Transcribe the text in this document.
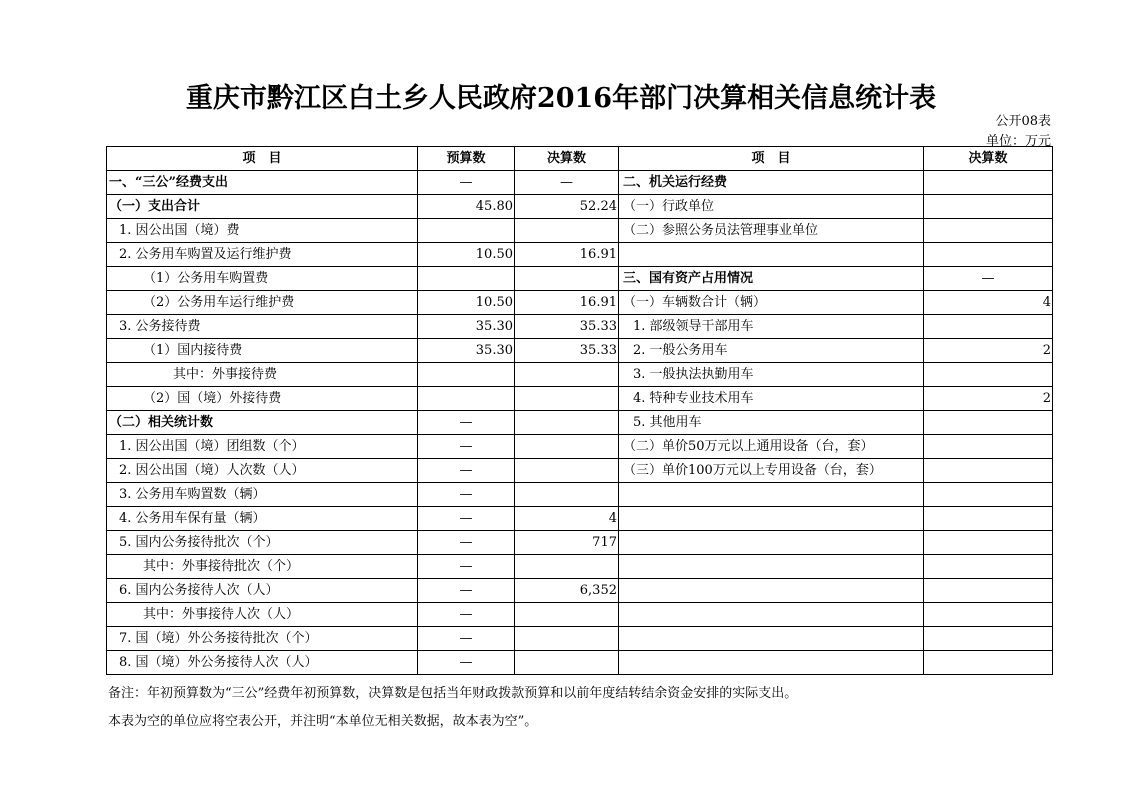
重庆市黔江区白土乡人民政府2016年部门决算相关信息统计表
公开08表
单位：万元
项　目	预算数	决算数	项　目	决算数
一、“三公”经费支出	—	—	二、机关运行经费	
（一）支出合计	45.80	52.24	（一）行政单位	
1. 因公出国（境）费			（二）参照公务员法管理事业单位	
2. 公务用车购置及运行维护费	10.50	16.91		
（1）公务用车购置费			三、国有资产占用情况	—
（2）公务用车运行维护费	10.50	16.91	（一）车辆数合计（辆）	4
3. 公务接待费	35.30	35.33	1. 部级领导干部用车	
（1）国内接待费	35.30	35.33	2. 一般公务用车	2
其中：外事接待费			3. 一般执法执勤用车	
（2）国（境）外接待费			4. 特种专业技术用车	2
（二）相关统计数	—		5. 其他用车	
1. 因公出国（境）团组数（个）	—		（二）单价50万元以上通用设备（台，套）	
2. 因公出国（境）人次数（人）	—		（三）单价100万元以上专用设备（台，套）	
3. 公务用车购置数（辆）	—			
4. 公务用车保有量（辆）	—	4		
5. 国内公务接待批次（个）	—	717		
其中：外事接待批次（个）	—			
6. 国内公务接待人次（人）	—	6,352		
其中：外事接待人次（人）	—			
7. 国（境）外公务接待批次（个）	—			
8. 国（境）外公务接待人次（人）	—			
备注：年初预算数为“三公”经费年初预算数，决算数是包括当年财政拨款预算和以前年度结转结余资金安排的实际支出。
本表为空的单位应将空表公开，并注明“本单位无相关数据，故本表为空”。
